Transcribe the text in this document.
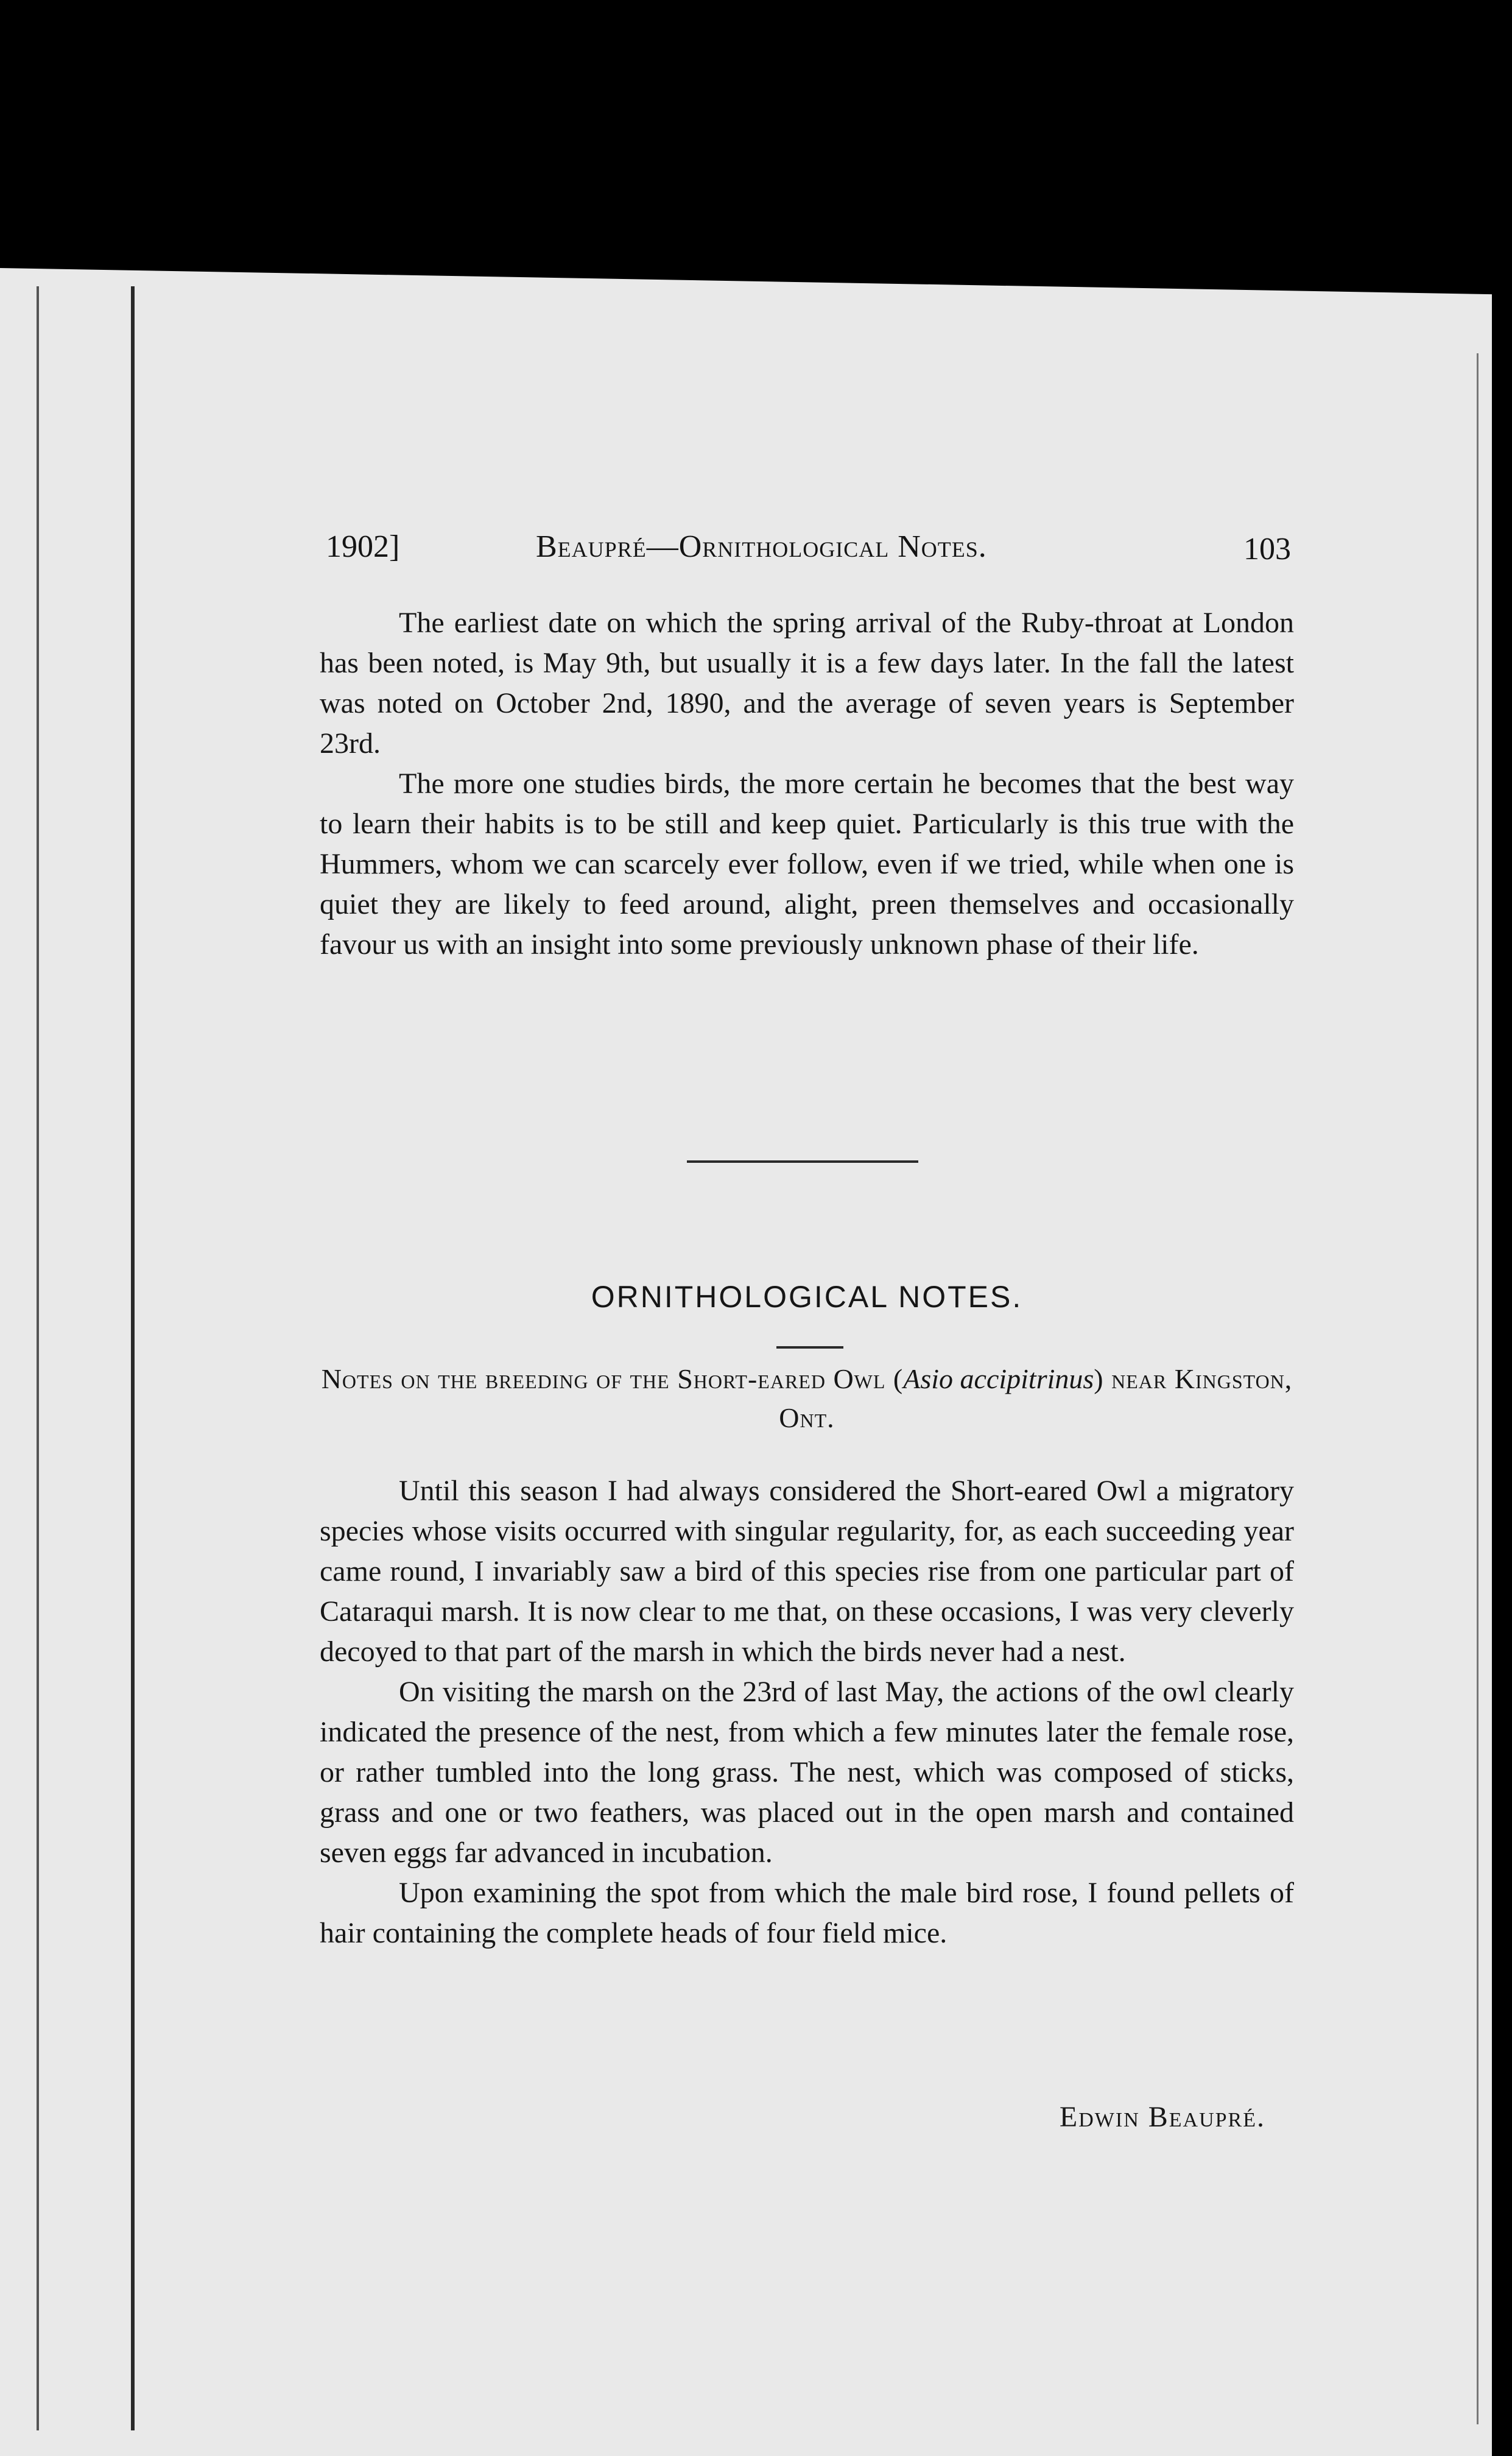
1902]	Beaupré—Ornithological Notes.	103

The earliest date on which the spring arrival of the Ruby-throat at London has been noted, is May 9th, but usually it is a few days later. In the fall the latest was noted on October 2nd, 1890, and the average of seven years is September 23rd.

The more one studies birds, the more certain he becomes that the best way to learn their habits is to be still and keep quiet. Particularly is this true with the Hummers, whom we can scarcely ever follow, even if we tried, while when one is quiet they are likely to feed around, alight, preen themselves and occasionally favour us with an insight into some previously unknown phase of their life.

ORNITHOLOGICAL NOTES.
Notes on the breeding of the Short-eared Owl (Asio accipitrinus) near Kingston, Ont.

Until this season I had always considered the Short-eared Owl a migratory species whose visits occurred with singular regularity, for, as each succeeding year came round, I invariably saw a bird of this species rise from one particular part of Cataraqui marsh. It is now clear to me that, on these occasions, I was very cleverly decoyed to that part of the marsh in which the birds never had a nest.

On visiting the marsh on the 23rd of last May, the actions of the owl clearly indicated the presence of the nest, from which a few minutes later the female rose, or rather tumbled into the long grass. The nest, which was composed of sticks, grass and one or two feathers, was placed out in the open marsh and contained seven eggs far advanced in incubation.

Upon examining the spot from which the male bird rose, I found pellets of hair containing the complete heads of four field mice.

Edwin Beaupré.
